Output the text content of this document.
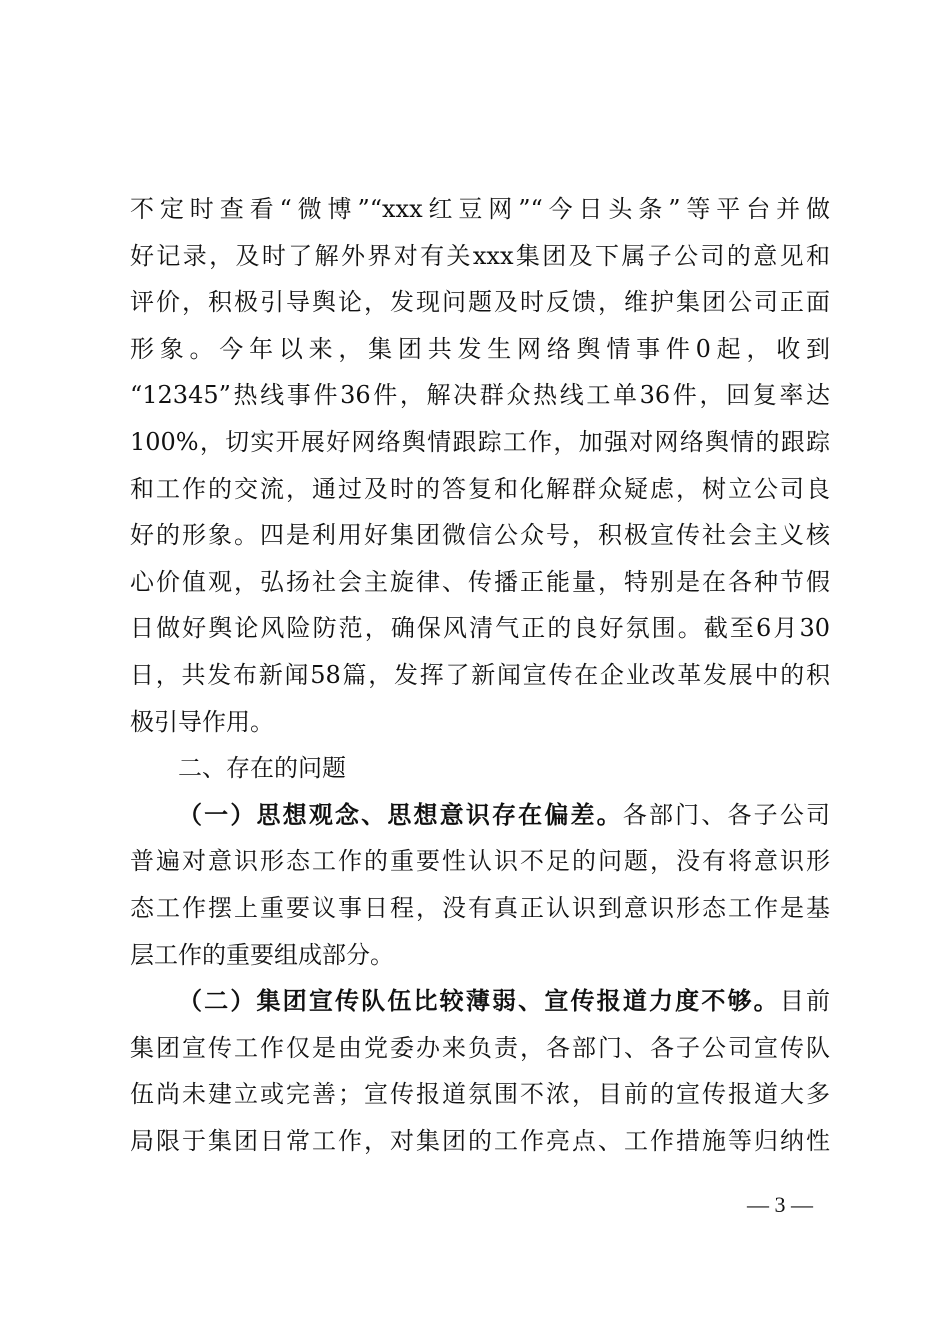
不定时查看“微博”“xxx红豆网”“今日头条”等平台并做
好记录，及时了解外界对有关xxx集团及下属子公司的意见和
评价，积极引导舆论，发现问题及时反馈，维护集团公司正面
形象。今年以来，集团共发生网络舆情事件0起，收到
“12345”热线事件36件，解决群众热线工单36件，回复率达
100%，切实开展好网络舆情跟踪工作，加强对网络舆情的跟踪
和工作的交流，通过及时的答复和化解群众疑虑，树立公司良
好的形象。四是利用好集团微信公众号，积极宣传社会主义核
心价值观，弘扬社会主旋律、传播正能量，特别是在各种节假
日做好舆论风险防范，确保风清气正的良好氛围。截至6月30
日，共发布新闻58篇，发挥了新闻宣传在企业改革发展中的积
极引导作用。
二、存在的问题
（一）思想观念、思想意识存在偏差。各部门、各子公司
普遍对意识形态工作的重要性认识不足的问题，没有将意识形
态工作摆上重要议事日程，没有真正认识到意识形态工作是基
层工作的重要组成部分。
（二）集团宣传队伍比较薄弱、宣传报道力度不够。目前
集团宣传工作仅是由党委办来负责，各部门、各子公司宣传队
伍尚未建立或完善；宣传报道氛围不浓，目前的宣传报道大多
局限于集团日常工作，对集团的工作亮点、工作措施等归纳性
— 3 —
